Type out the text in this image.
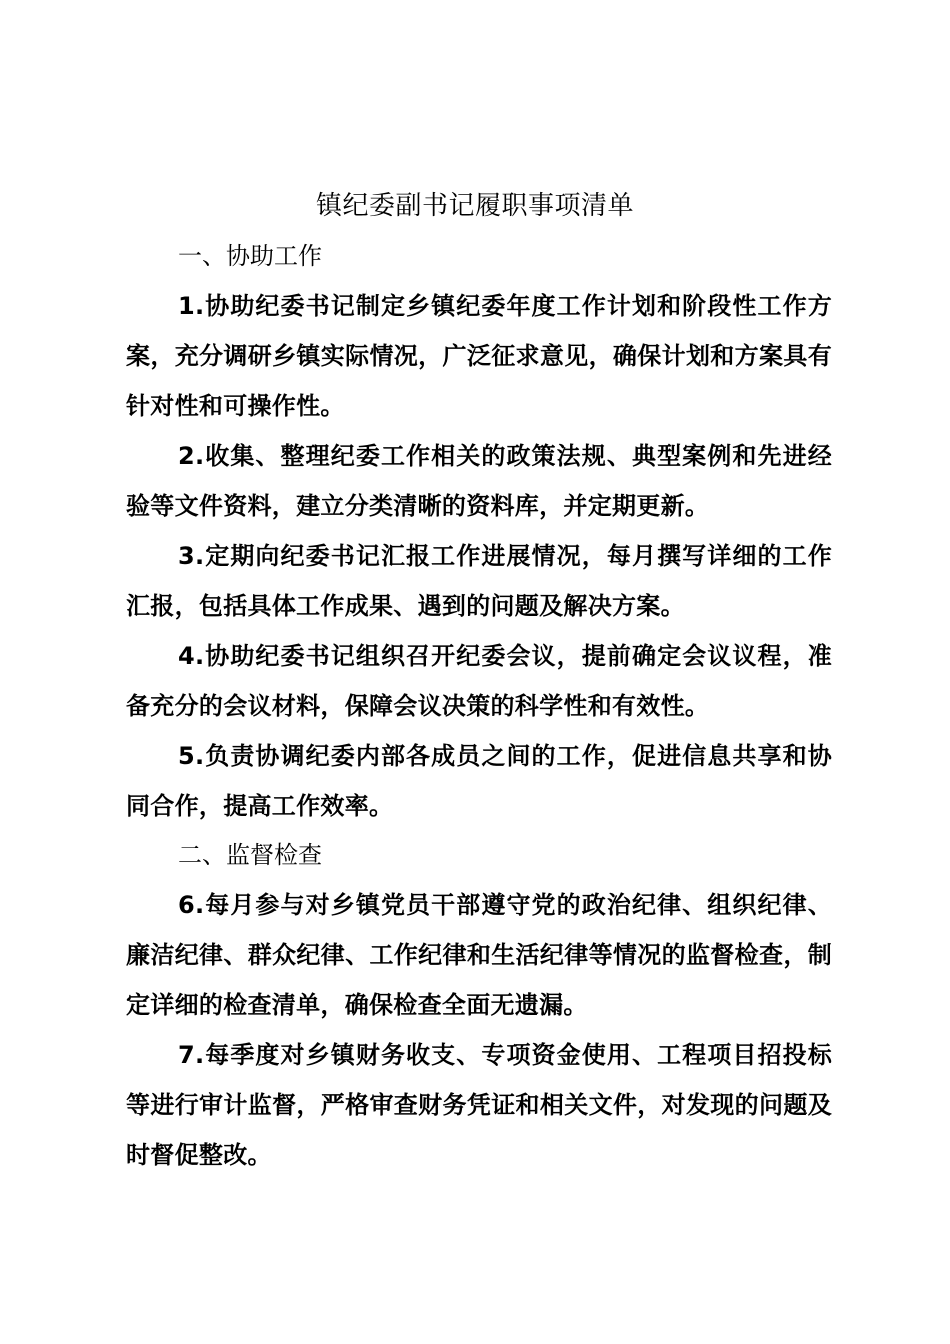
镇纪委副书记履职事项清单
一、协助工作
1.协助纪委书记制定乡镇纪委年度工作计划和阶段性工作方案，充分调研乡镇实际情况，广泛征求意见，确保计划和方案具有针对性和可操作性。
2.收集、整理纪委工作相关的政策法规、典型案例和先进经验等文件资料，建立分类清晰的资料库，并定期更新。
3.定期向纪委书记汇报工作进展情况，每月撰写详细的工作汇报，包括具体工作成果、遇到的问题及解决方案。
4.协助纪委书记组织召开纪委会议，提前确定会议议程，准备充分的会议材料，保障会议决策的科学性和有效性。
5.负责协调纪委内部各成员之间的工作，促进信息共享和协同合作，提高工作效率。
二、监督检查
6.每月参与对乡镇党员干部遵守党的政治纪律、组织纪律、廉洁纪律、群众纪律、工作纪律和生活纪律等情况的监督检查，制定详细的检查清单，确保检查全面无遗漏。
7.每季度对乡镇财务收支、专项资金使用、工程项目招投标等进行审计监督，严格审查财务凭证和相关文件，对发现的问题及时督促整改。
